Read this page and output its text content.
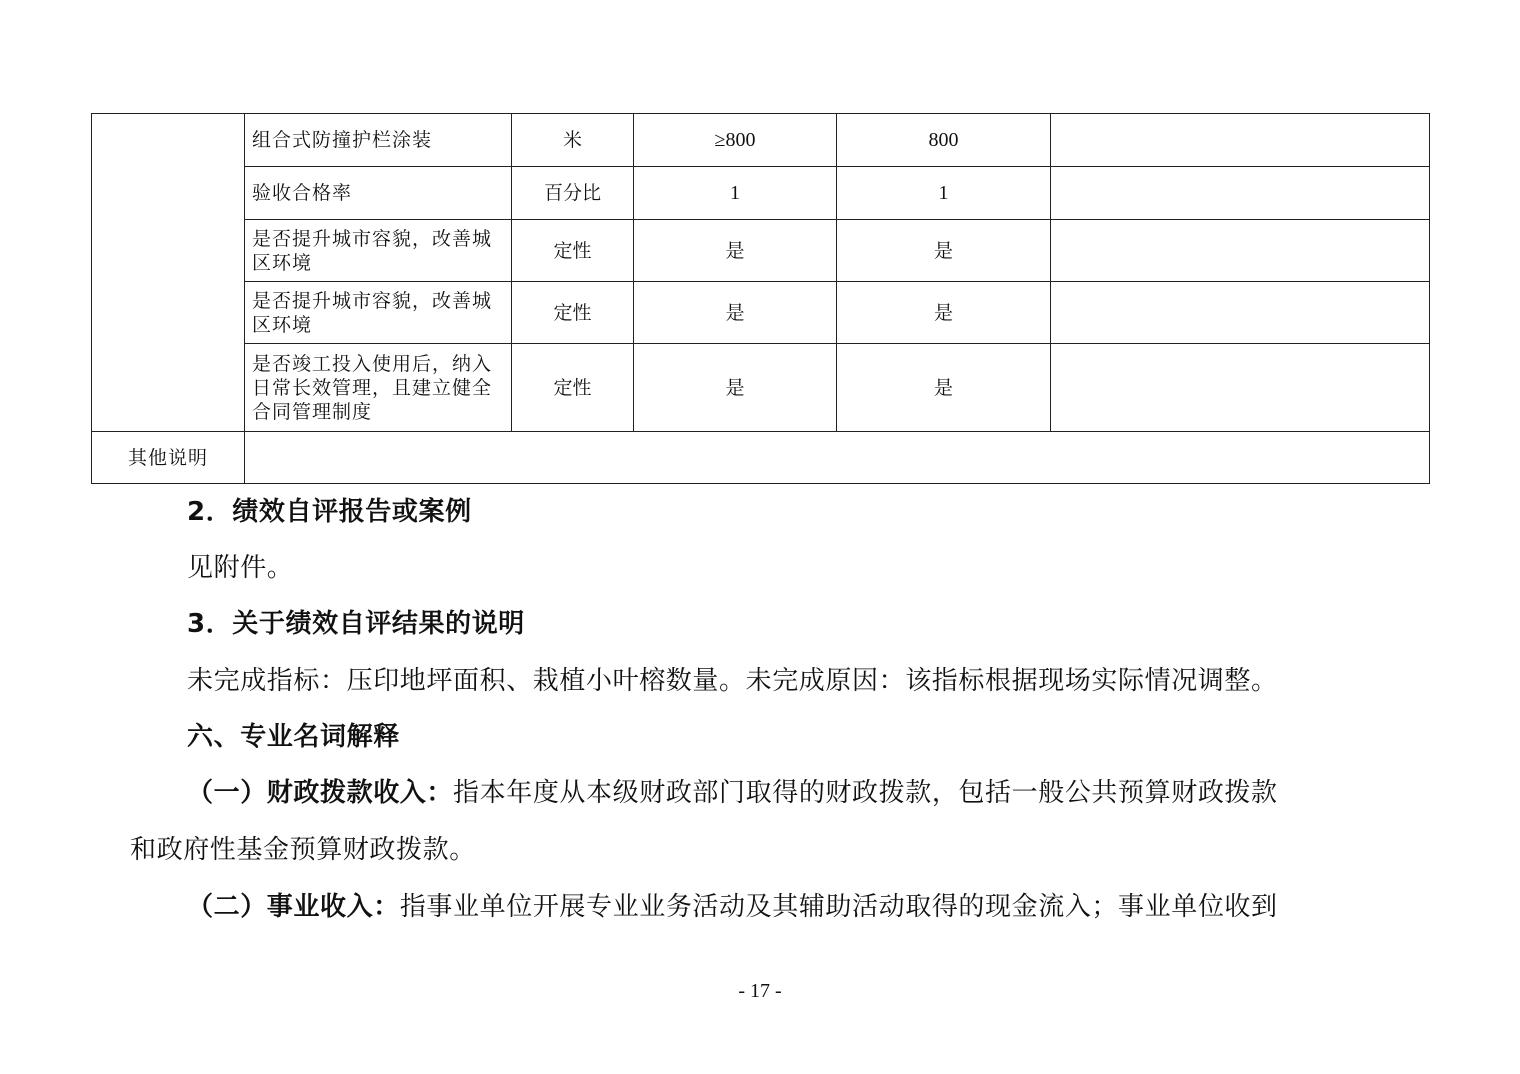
	组合式防撞护栏涂装	米	≥800	800	
	验收合格率	百分比	1	1	
	是否提升城市容貌，改善城区环境	定性	是	是	
	是否提升城市容貌，改善城区环境	定性	是	是	
	是否竣工投入使用后，纳入日常长效管理，且建立健全合同管理制度	定性	是	是	
其他说明					
2．绩效自评报告或案例
见附件。
3．关于绩效自评结果的说明
未完成指标：压印地坪面积、栽植小叶榕数量。未完成原因：该指标根据现场实际情况调整。
六、专业名词解释
（一）财政拨款收入：指本年度从本级财政部门取得的财政拨款，包括一般公共预算财政拨款
和政府性基金预算财政拨款。
（二）事业收入：指事业单位开展专业业务活动及其辅助活动取得的现金流入；事业单位收到
- 17 -
